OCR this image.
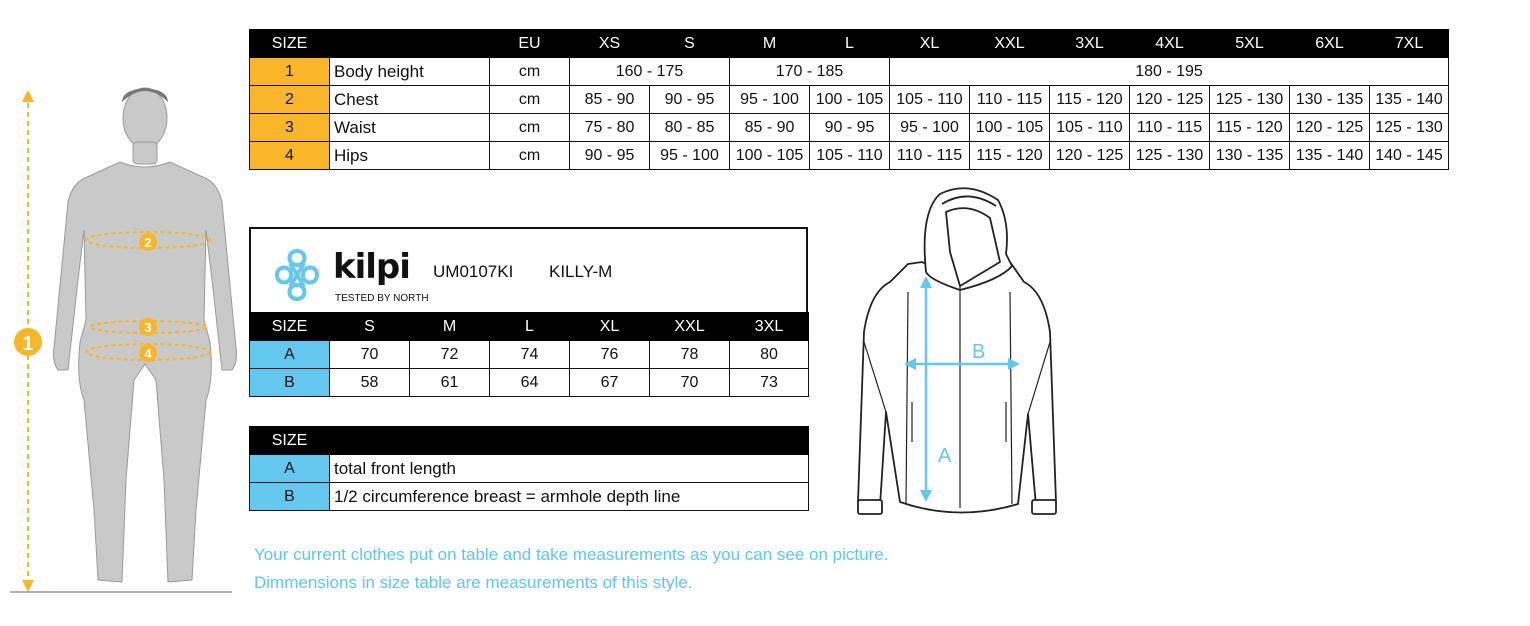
1
2
3
4
SIZE		EU	XS	S	M	L	XL	XXL	3XL	4XL	5XL	6XL	7XL
1	Body height	cm	160 - 175		170 - 185		180 - 195						
2	Chest	cm	85 - 90	90 - 95	95 - 100	100 - 105	105 - 110	110 - 115	115 - 120	120 - 125	125 - 130	130 - 135	135 - 140
3	Waist	cm	75 - 80	80 - 85	85 - 90	90 - 95	95 - 100	100 - 105	105 - 110	110 - 115	115 - 120	120 - 125	125 - 130
4	Hips	cm	90 - 95	95 - 100	100 - 105	105 - 110	110 - 115	115 - 120	120 - 125	125 - 130	130 - 135	135 - 140	140 - 145
kilpi
TESTED BY NORTH
UM0107KI KILLY-M
SIZE	S	M	L	XL	XXL	3XL
A	70	72	74	76	78	80
B	58	61	64	67	70	73
SIZE	
A	total front length
B	1/2 circumference breast = armhole depth line
Your current clothes put on table and take measurements as you can see on picture.
Dimmensions in size table are measurements of this style.
A
B
